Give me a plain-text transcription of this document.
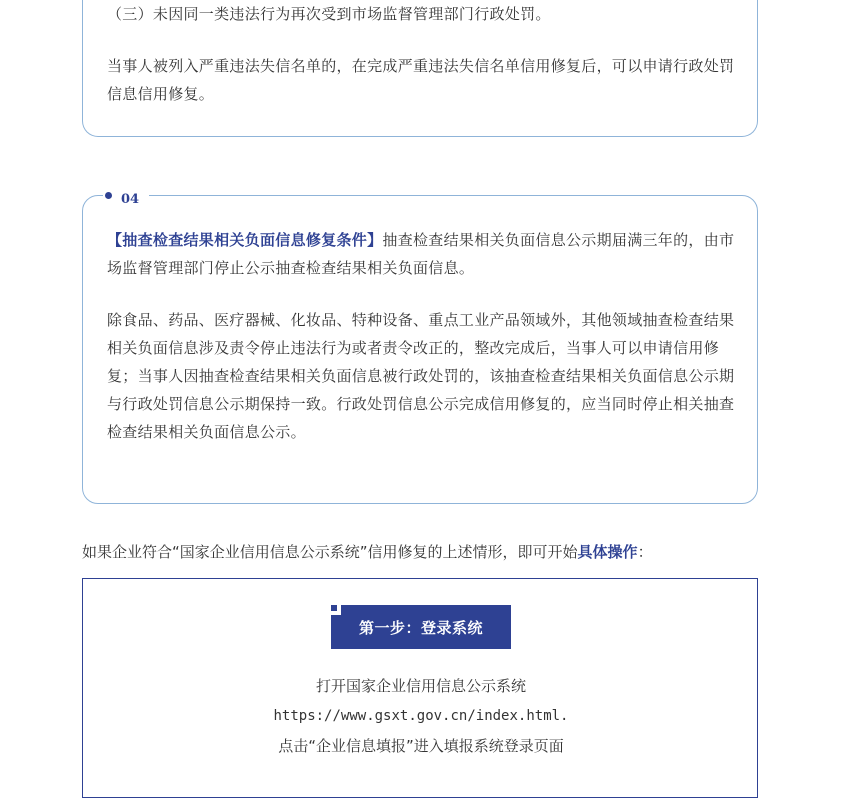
（三）未因同一类违法行为再次受到市场监督管理部门行政处罚。
当事人被列入严重违法失信名单的，在完成严重违法失信名单信用修复后，可以申请行政处罚信息信用修复。
04
【抽查检查结果相关负面信息修复条件】抽查检查结果相关负面信息公示期届满三年的，由市场监督管理部门停止公示抽查检查结果相关负面信息。
除食品、药品、医疗器械、化妆品、特种设备、重点工业产品领域外，其他领域抽查检查结果相关负面信息涉及责令停止违法行为或者责令改正的，整改完成后，当事人可以申请信用修复；当事人因抽查检查结果相关负面信息被行政处罚的，该抽查检查结果相关负面信息公示期与行政处罚信息公示期保持一致。行政处罚信息公示完成信用修复的，应当同时停止相关抽查检查结果相关负面信息公示。
如果企业符合“国家企业信用信息公示系统”信用修复的上述情形，即可开始具体操作：
第一步：登录系统
打开国家企业信用信息公示系统
https://www.gsxt.gov.cn/index.html.
点击“企业信息填报”进入填报系统登录页面
